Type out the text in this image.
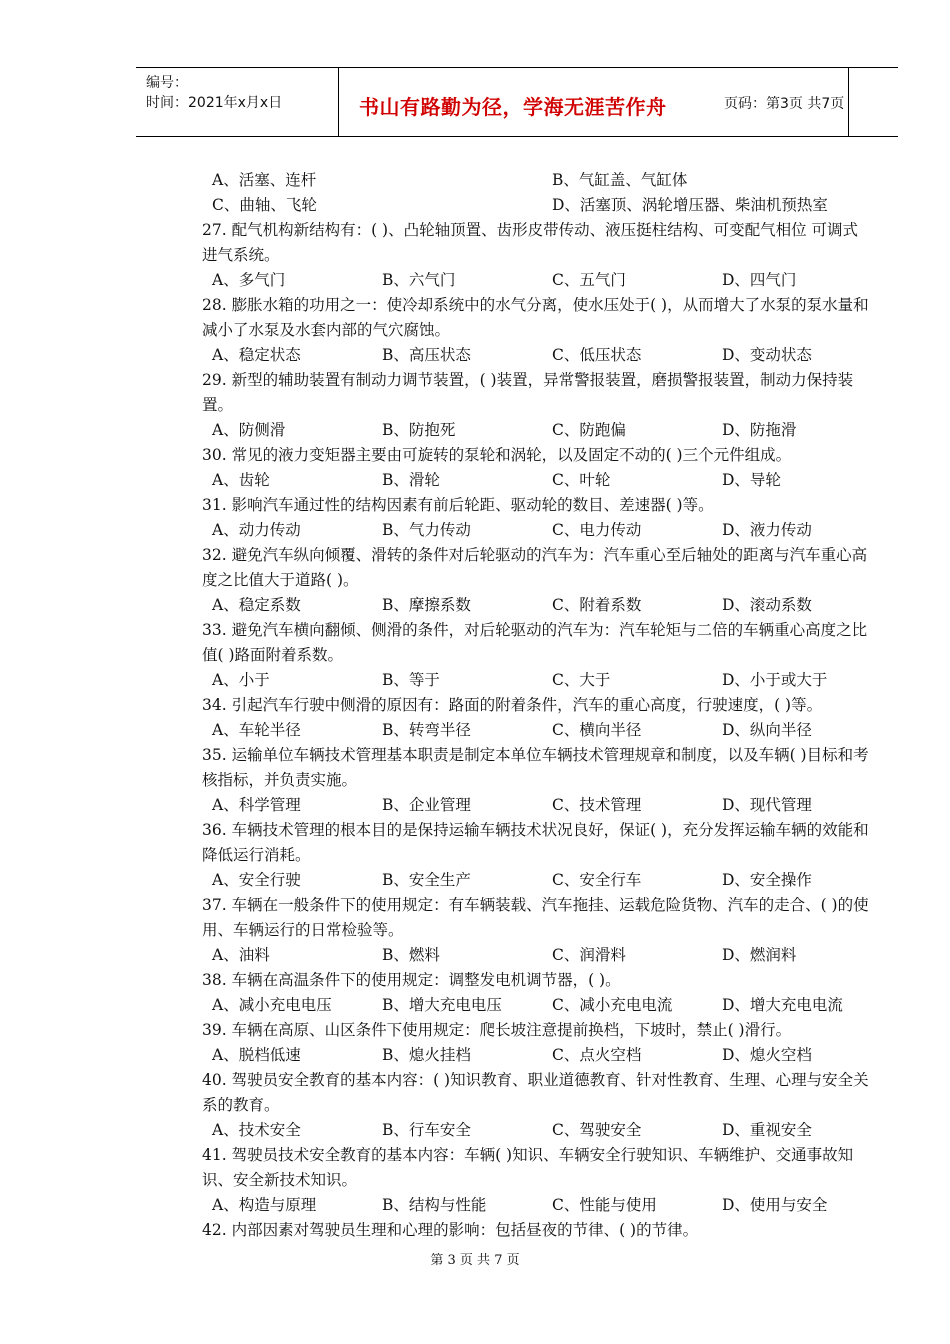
编号：
时间：2021年x月x日	书山有路勤为径，学海无涯苦作舟	页码：第3页 共7页
A、活塞、连杆	B、气缸盖、气缸体
C、曲轴、飞轮	D、活塞顶、涡轮增压器、柴油机预热室

27. 配气机构新结构有：( )、凸轮轴顶置、齿形皮带传动、液压挺柱结构、可变配气相位 可调式进气系统。

A、多气门	B、六气门	C、五气门	D、四气门

28. 膨胀水箱的功用之一：使冷却系统中的水气分离，使水压处于( )，从而增大了水泵的泵水量和减小了水泵及水套内部的气穴腐蚀。

A、稳定状态	B、高压状态	C、低压状态	D、变动状态

29. 新型的辅助装置有制动力调节装置，( )装置，异常警报装置，磨损警报装置，制动力保持装置。

A、防侧滑	B、防抱死	C、防跑偏	D、防拖滑

30. 常见的液力变矩器主要由可旋转的泵轮和涡轮，以及固定不动的( )三个元件组成。

A、齿轮	B、滑轮	C、叶轮	D、导轮

31. 影响汽车通过性的结构因素有前后轮距、驱动轮的数目、差速器( )等。

A、动力传动	B、气力传动	C、电力传动	D、液力传动

32. 避免汽车纵向倾覆、滑转的条件对后轮驱动的汽车为：汽车重心至后轴处的距离与汽车重心高度之比值大于道路( )。

A、稳定系数	B、摩擦系数	C、附着系数	D、滚动系数

33. 避免汽车横向翻倾、侧滑的条件，对后轮驱动的汽车为：汽车轮矩与二倍的车辆重心高度之比值( )路面附着系数。

A、小于	B、等于	C、大于	D、小于或大于

34. 引起汽车行驶中侧滑的原因有：路面的附着条件，汽车的重心高度，行驶速度，( )等。

A、车轮半径	B、转弯半径	C、横向半径	D、纵向半径

35. 运输单位车辆技术管理基本职责是制定本单位车辆技术管理规章和制度，以及车辆( )目标和考核指标，并负责实施。

A、科学管理	B、企业管理	C、技术管理	D、现代管理

36. 车辆技术管理的根本目的是保持运输车辆技术状况良好，保证( )，充分发挥运输车辆的效能和降低运行消耗。

A、安全行驶	B、安全生产	C、安全行车	D、安全操作

37. 车辆在一般条件下的使用规定：有车辆装载、汽车拖挂、运载危险货物、汽车的走合、( )的使用、车辆运行的日常检验等。

A、油料	B、燃料	C、润滑料	D、燃润料

38. 车辆在高温条件下的使用规定：调整发电机调节器，( )。

A、减小充电电压	B、增大充电电压	C、减小充电电流	D、增大充电电流

39. 车辆在高原、山区条件下使用规定：爬长坡注意提前换档，下坡时，禁止( )滑行。

A、脱档低速	B、熄火挂档	C、点火空档	D、熄火空档

40. 驾驶员安全教育的基本内容：( )知识教育、职业道德教育、针对性教育、生理、心理与安全关系的教育。

A、技术安全	B、行车安全	C、驾驶安全	D、重视安全

41. 驾驶员技术安全教育的基本内容：车辆( )知识、车辆安全行驶知识、车辆维护、交通事故知识、安全新技术知识。

A、构造与原理	B、结构与性能	C、性能与使用	D、使用与安全

42. 内部因素对驾驶员生理和心理的影响：包括昼夜的节律、( )的节律。

第 3 页 共 7 页
